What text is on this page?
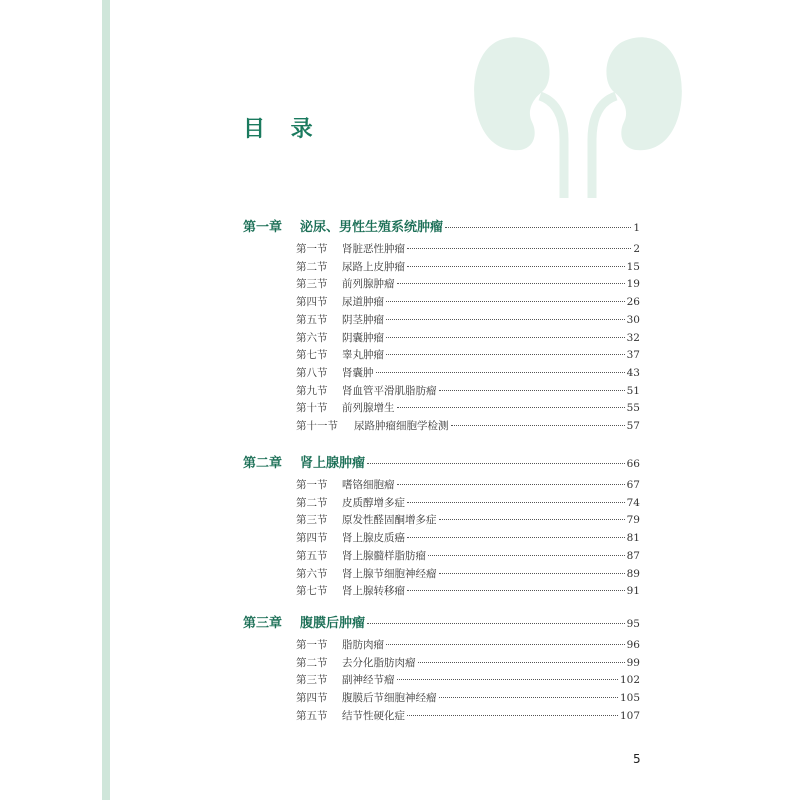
目 录
第一章	泌尿、男性生殖系统肿瘤	1
第一节	肾脏恶性肿瘤	2
第二节	尿路上皮肿瘤	15
第三节	前列腺肿瘤	19
第四节	尿道肿瘤	26
第五节	阴茎肿瘤	30
第六节	阴囊肿瘤	32
第七节	睾丸肿瘤	37
第八节	肾囊肿	43
第九节	肾血管平滑肌脂肪瘤	51
第十节	前列腺增生	55
第十一节	尿路肿瘤细胞学检测	57
第二章	肾上腺肿瘤	66
第一节	嗜铬细胞瘤	67
第二节	皮质醇增多症	74
第三节	原发性醛固酮增多症	79
第四节	肾上腺皮质癌	81
第五节	肾上腺髓样脂肪瘤	87
第六节	肾上腺节细胞神经瘤	89
第七节	肾上腺转移瘤	91
第三章	腹膜后肿瘤	95
第一节	脂肪肉瘤	96
第二节	去分化脂肪肉瘤	99
第三节	副神经节瘤	102
第四节	腹膜后节细胞神经瘤	105
第五节	结节性硬化症	107
5
